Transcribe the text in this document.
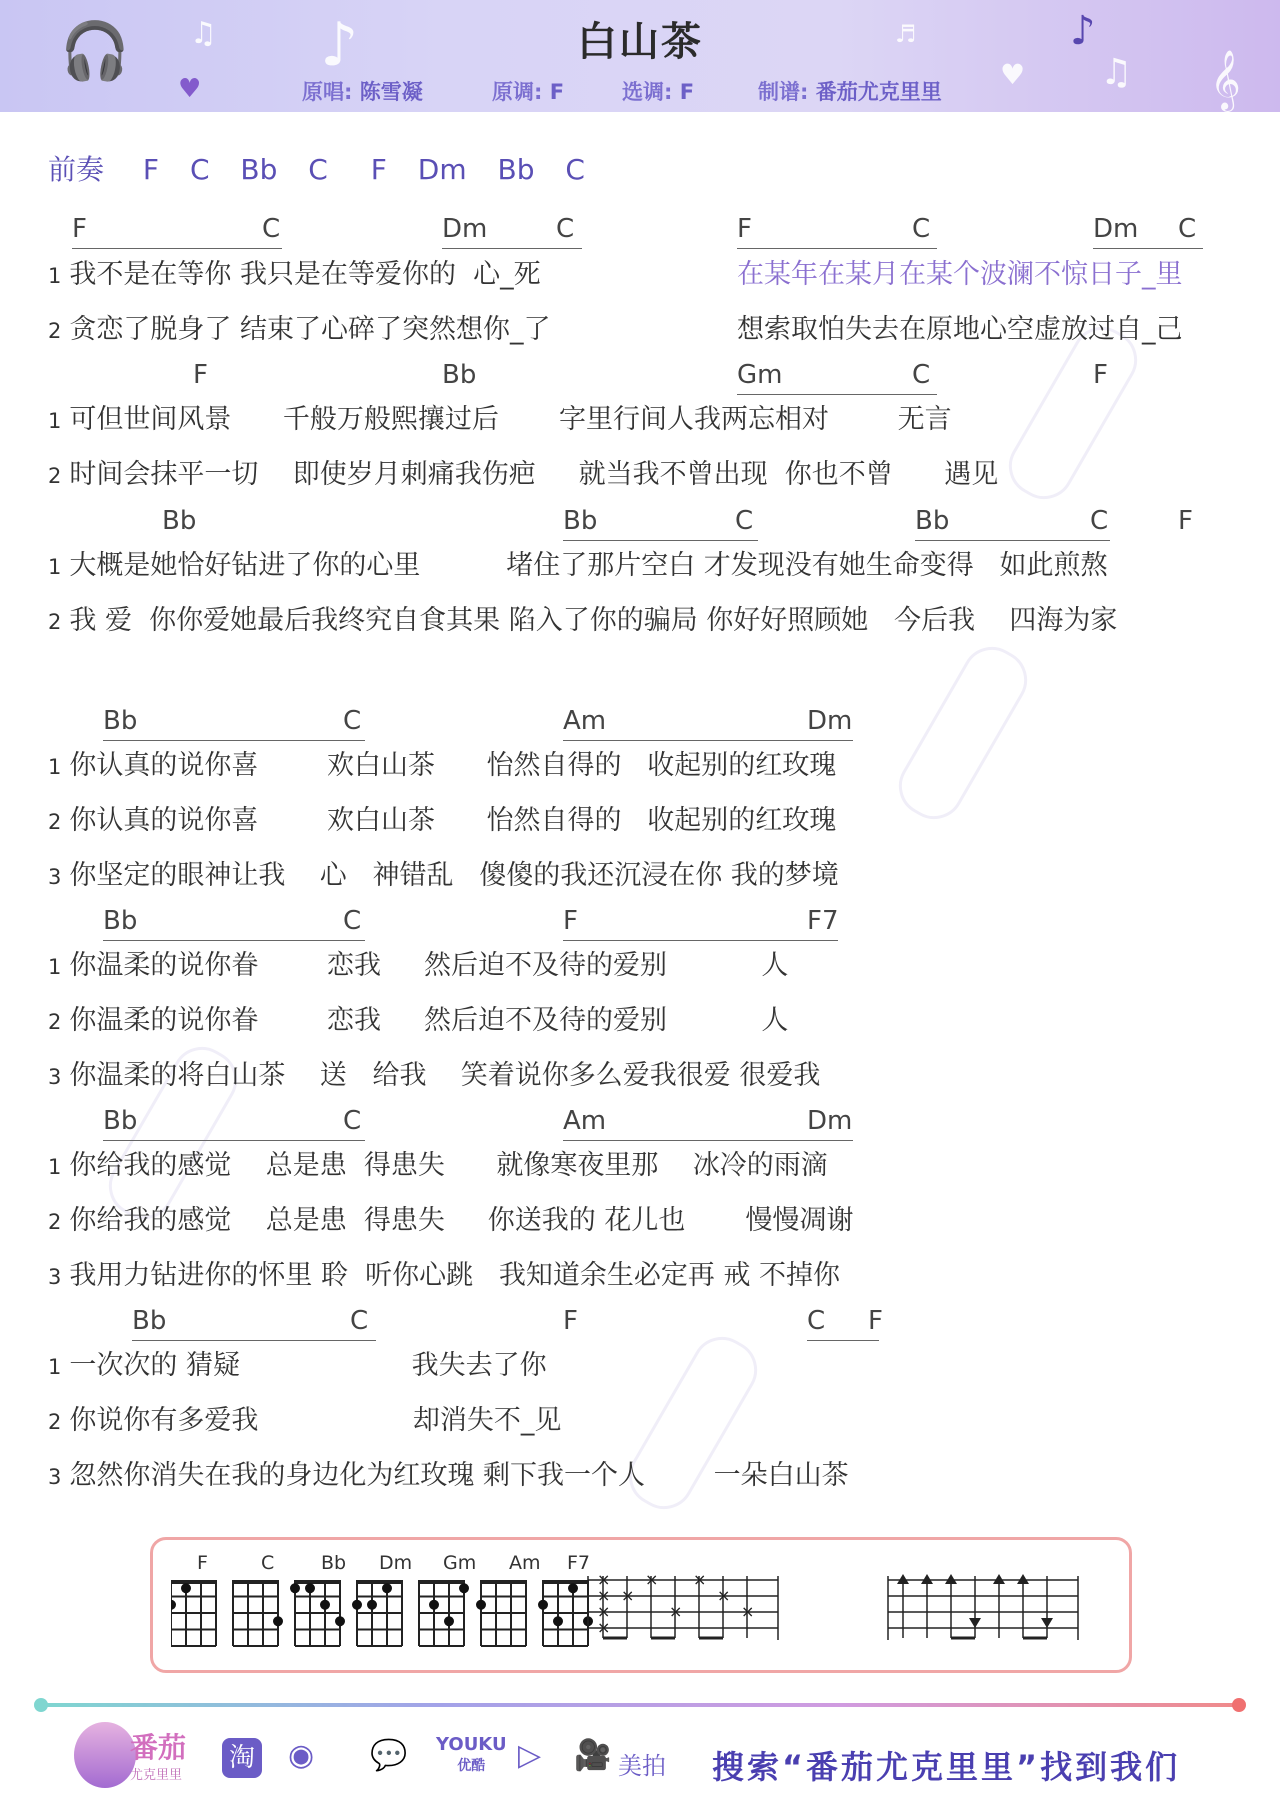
🎧 ♫
♥
♪	♪
♥ ♫ 𝄞
♬
白山茶
原唱: 陈雪凝	原调: F	选调: F	制谱: 番茄尤克里里
前奏 F C Bb C F Dm Bb C
F	C	Dm	C	F	C	Dm C
1 我不是在等你 我只是在等爱你的  心_死	在某年在某月在某个波澜不惊日子_里
2 贪恋了脱身了 结束了心碎了突然想你_了	想索取怕失去在原地心空虚放过自_己
F	Bb	Gm	C	F
1 可但世间风景      千般万般熙攘过后       字里行间人我两忘相对        无言
2 时间会抹平一切    即使岁月刺痛我伤疤     就当我不曾出现  你也不曾      遇见
Bb	Bb	C	Bb	C	F
1 大概是她恰好钻进了你的心里          堵住了那片空白 才发现没有她生命变得   如此煎熬
2 我 爱  你你爱她最后我终究自食其果 陷入了你的骗局 你好好照顾她   今后我    四海为家
Bb	C	Am	Dm
1 你认真的说你喜        欢白山茶      怡然自得的   收起别的红玫瑰
2 你认真的说你喜        欢白山茶      怡然自得的   收起别的红玫瑰
3 你坚定的眼神让我    心   神错乱   傻傻的我还沉浸在你 我的梦境
Bb	C	F	F7
1 你温柔的说你眷        恋我     然后迫不及待的爱别           人
2 你温柔的说你眷        恋我     然后迫不及待的爱别           人
3 你温柔的将白山茶    送   给我    笑着说你多么爱我很爱 很爱我
Bb	C	Am	Dm
1 你给我的感觉    总是患  得患失      就像寒夜里那    冰冷的雨滴
2 你给我的感觉    总是患  得患失     你送我的 花儿也       慢慢凋谢
3 我用力钻进你的怀里 聆  听你心跳   我知道余生必定再 戒 不掉你
Bb	C	F	C F
1 一次次的 猜疑                    我失去了你
2 你说你有多爱我                  却消失不_见
3 忽然你消失在我的身边化为红玫瑰 剩下我一个人        一朵白山茶
F	C Bb Dm Gm Am F7
×
×
×
×
×
×
×
×
×
×
番茄
尤克里里
淘 ◉ 💬 YOUKU
优酷	▷ 🎥 美拍 搜索“番茄尤克里里”找到我们
